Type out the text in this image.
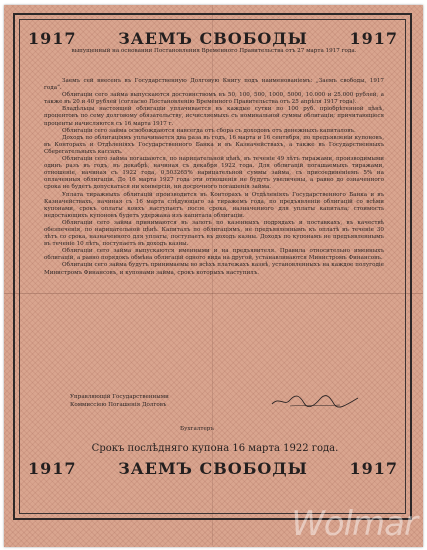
1917	ЗАЕМЪ СВОБОДЫ	1917
выпущенный на основании Постановления Временного Правительства отъ 27 марта 1917 года.

Заемъ сей внесенъ въ Государственную Долговую Книгу подъ наименованіемъ: „Заемъ свободы, 1917 года“.

Облигаціи сего займа выпускаются достоинствомъ въ 50, 100, 500, 1000, 5000, 10.000 и 25.000 рублей, а также въ 20 и 40 рублей (согласно Постановленію Временного Правительства отъ 25 апрѣля 1917 года).

Владѣльцы настоящей облигаціи уплачивается въ каждые сутки по 100 руб. пріобрѣтенной цѣнѣ, процентовъ по сему долговому обязательству, исчисляемыхъ съ номинальной суммы облигаціи; причитающіеся проценты начисляются съ 16 марта 1917 г.

Облигаціи сего займа освобождаются навсегда отъ сбора съ доходовъ отъ денежныхъ капиталовъ.

Доходъ по облигаціямъ уплачивается два раза въ годъ, 16 марта и 16 сентября, по предъявленіи купоновъ, въ Конторахъ и Отдѣленіяхъ Государственного Банка и въ Казначействахъ, а также въ Государственныхъ Сберегательныхъ кассахъ.

Облигаціи сего займа погашаются, по нарицательной цѣнѣ, въ теченіе 49 лѣтъ тиражами, производимыми одинъ разъ въ годъ, въ декабрѣ, начиная съ декабря 1922 года. Для облигацій погашаемыхъ тиражами, отношеніе, начиная съ 1922 года, 0,503265% нарицательной суммы займа, съ присоединеніемъ 5% на оплаченныя облигаціи. До 16 марта 1927 года эти отношенія не будутъ увеличены, а равно до означенного срока не будетъ допускаться ни конверсіи, ни досрочного погашенія займа.

Уплата тиражныхъ облигацій производится въ Конторахъ и Отдѣленіяхъ Государственного Банка и въ Казначействахъ, начиная съ 16 марта слѣдующаго за тиражемъ года, по предъявленіи облигацій со всѣми купонами, срокъ оплаты коихъ наступаетъ после срока, назначенного для уплаты капитала; стоимость недостающихъ купоновъ будетъ удержана изъ капитала облигаціи.

Облигаціи сего займа принимаются въ залогъ по казенныхъ подрядахъ и поставкахъ, въ качествѣ обезпеченія, по нарицательной цѣнѣ. Капиталъ по облигаціямъ, не предъявленнымъ къ оплатѣ въ теченіе 30 лѣтъ со срока, назначенного для уплаты, поступаетъ въ доходъ казны. Доходъ по купонамъ не предъявленнымъ въ теченіе 10 лѣтъ, поступаетъ въ доходъ казны.

Облигаціи сего займа выпускаются именными и на предъявителя. Правила относительно именныхъ облигацій, а равно порядокъ обмѣна облигацій одного вида на другой, устанавливаются Министромъ Финансовъ.

Облигаціи сего займа будутъ принимаемы во всѣхъ платежахъ казнѣ, установленныхъ на каждое полугодіе Министромъ Финансовъ, и купонами займа, срокъ которыхъ наступилъ.

Управляющій Государственными
Коммиссіею Погашенія Долговъ
Бухгалтеръ
Срокъ послѣдняго купона 16 марта 1922 года.
1917	ЗАЕМЪ СВОБОДЫ	1917
Wolmar
